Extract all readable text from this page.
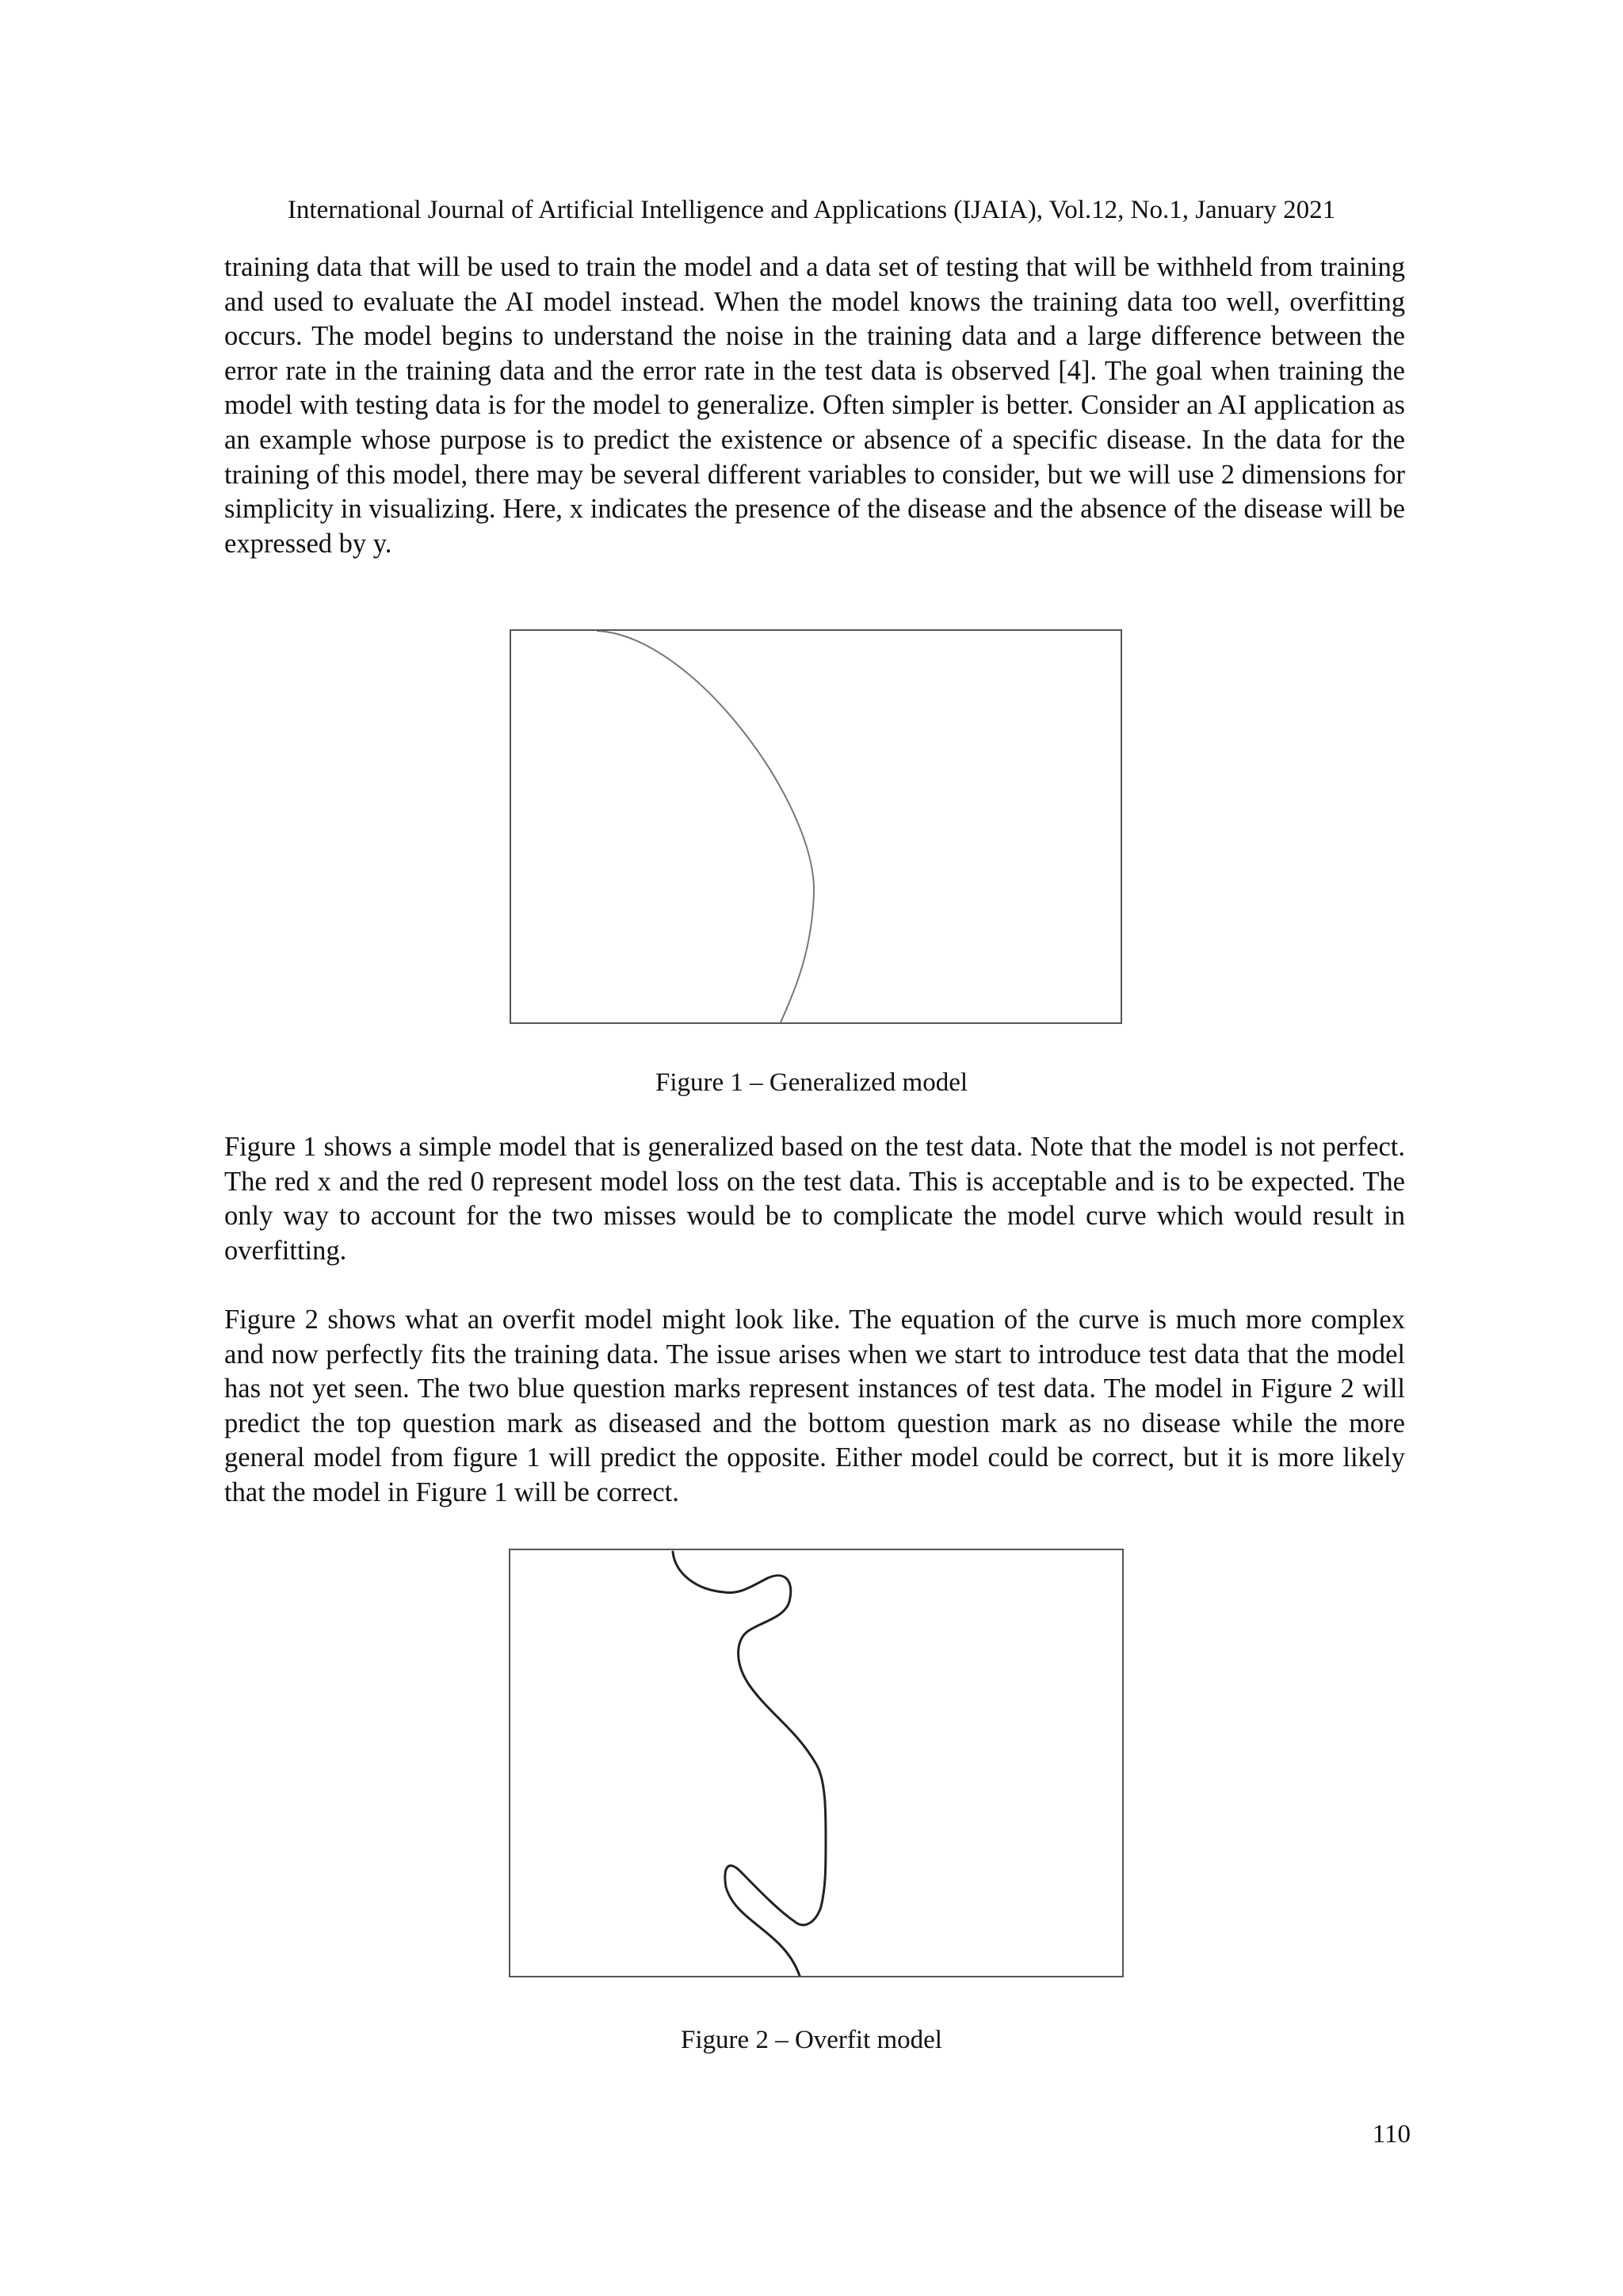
International Journal of Artificial Intelligence and Applications (IJAIA), Vol.12, No.1, January 2021

training data that will be used to train the model and a data set of testing that will be withheld from training and used to evaluate the AI model instead. When the model knows the training data too well, overfitting occurs. The model begins to understand the noise in the training data and a large difference between the error rate in the training data and the error rate in the test data is observed [4]. The goal when training the model with testing data is for the model to generalize. Often simpler is better. Consider an AI application as an example whose purpose is to predict the existence or absence of a specific disease. In the data for the training of this model, there may be several different variables to consider, but we will use 2 dimensions for simplicity in visualizing. Here, x indicates the presence of the disease and the absence of the disease will be expressed by y.

Figure 1 – Generalized model

Figure 1 shows a simple model that is generalized based on the test data. Note that the model is not perfect. The red x and the red 0 represent model loss on the test data. This is acceptable and is to be expected. The only way to account for the two misses would be to complicate the model curve which would result in overfitting.

Figure 2 shows what an overfit model might look like. The equation of the curve is much more complex and now perfectly fits the training data. The issue arises when we start to introduce test data that the model has not yet seen. The two blue question marks represent instances of test data. The model in Figure 2 will predict the top question mark as diseased and the bottom question mark as no disease while the more general model from figure 1 will predict the opposite. Either model could be correct, but it is more likely that the model in Figure 1 will be correct.

Figure 2 – Overfit model
110
